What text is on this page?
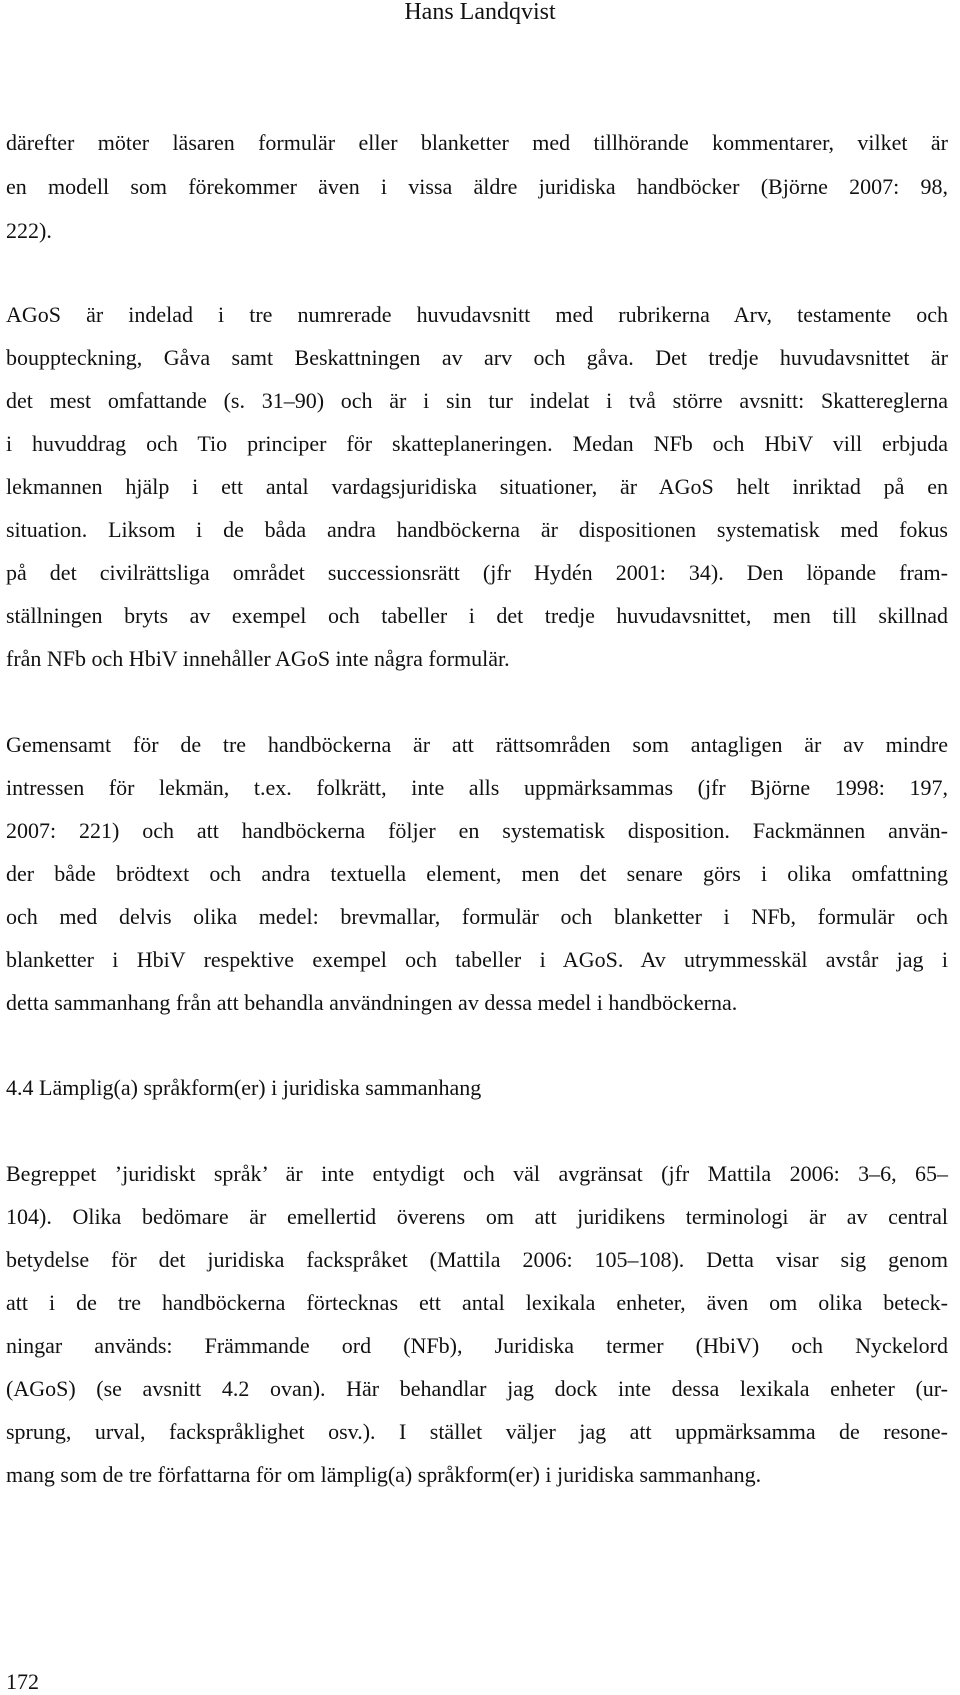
Hans Landqvist
därefter möter läsaren formulär eller blanketter med tillhörande kommentarer, vilket är
en modell som förekommer även i vissa äldre juridiska handböcker (Björne 2007: 98,
222).
AGoS är indelad i tre numrerade huvudavsnitt med rubrikerna Arv, testamente och
bouppteckning, Gåva samt Beskattningen av arv och gåva. Det tredje huvudavsnittet är
det mest omfattande (s. 31–90) och är i sin tur indelat i två större avsnitt: Skattereglerna
i huvuddrag och Tio principer för skatteplaneringen. Medan NFb och HbiV vill erbjuda
lekmannen hjälp i ett antal vardagsjuridiska situationer, är AGoS helt inriktad på en
situation. Liksom i de båda andra handböckerna är dispositionen systematisk med fokus
på det civilrättsliga området successionsrätt (jfr Hydén 2001: 34). Den löpande fram-
ställningen bryts av exempel och tabeller i det tredje huvudavsnittet, men till skillnad
från NFb och HbiV innehåller AGoS inte några formulär.
Gemensamt för de tre handböckerna är att rättsområden som antagligen är av mindre
intressen för lekmän, t.ex. folkrätt, inte alls uppmärksammas (jfr Björne 1998: 197,
2007: 221) och att handböckerna följer en systematisk disposition. Fackmännen använ-
der både brödtext och andra textuella element, men det senare görs i olika omfattning
och med delvis olika medel: brevmallar, formulär och blanketter i NFb, formulär och
blanketter i HbiV respektive exempel och tabeller i AGoS. Av utrymmesskäl avstår jag i
detta sammanhang från att behandla användningen av dessa medel i handböckerna.
4.4 Lämplig(a) språkform(er) i juridiska sammanhang
Begreppet ’juridiskt språk’ är inte entydigt och väl avgränsat (jfr Mattila 2006: 3–6, 65–
104). Olika bedömare är emellertid överens om att juridikens terminologi är av central
betydelse för det juridiska fackspråket (Mattila 2006: 105–108). Detta visar sig genom
att i de tre handböckerna förtecknas ett antal lexikala enheter, även om olika beteck-
ningar används: Främmande ord (NFb), Juridiska termer (HbiV) och Nyckelord
(AGoS) (se avsnitt 4.2 ovan). Här behandlar jag dock inte dessa lexikala enheter (ur-
sprung, urval, fackspråklighet osv.). I stället väljer jag att uppmärksamma de resone-
mang som de tre författarna för om lämplig(a) språkform(er) i juridiska sammanhang.
172
